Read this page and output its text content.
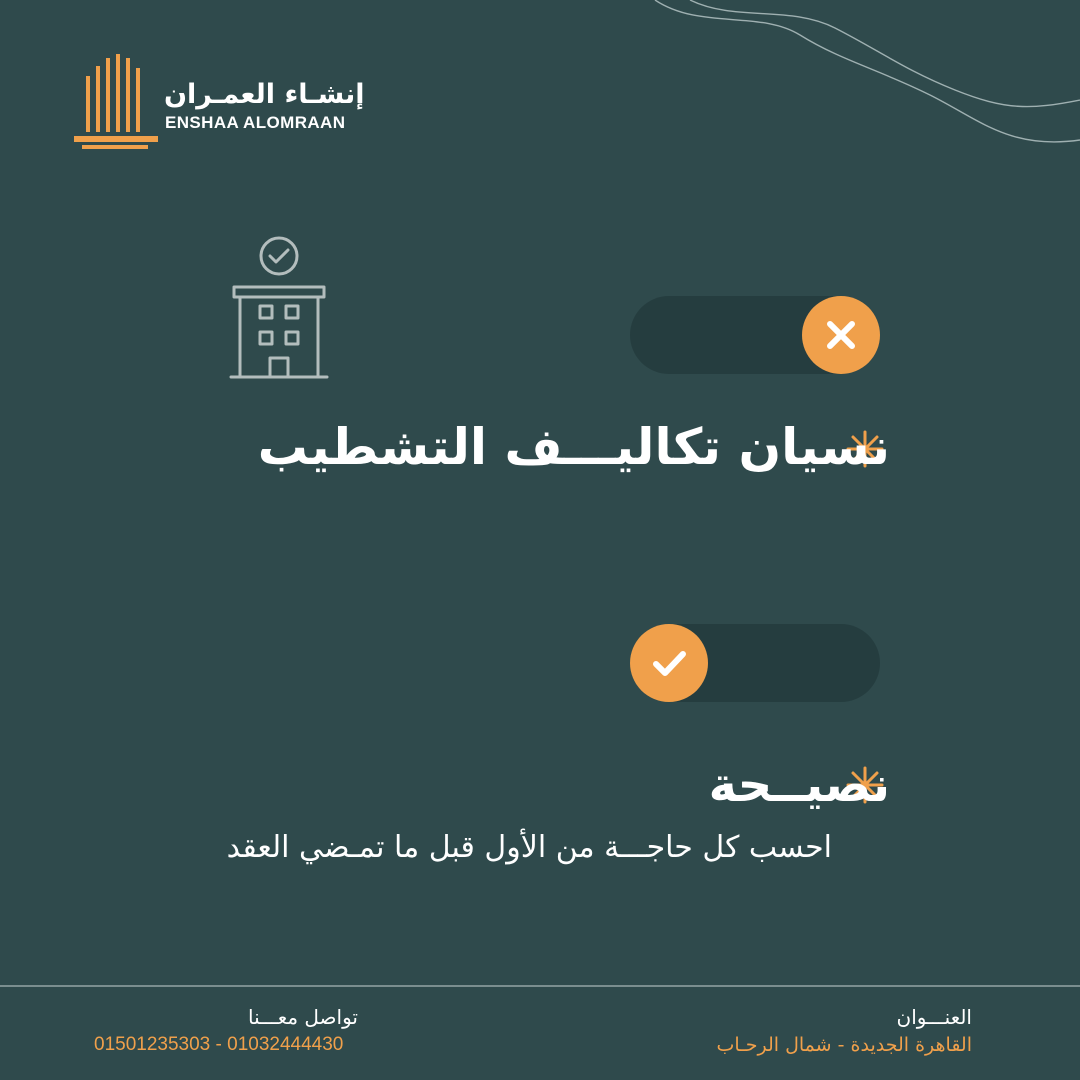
إنشـاء العمـران
ENSHAA ALOMRAAN
نسيان تكاليـــف التشطيب
نصيــحة
احسب كل حاجـــة من الأول قبل ما تمـضي العقد
العنـــوان
القاهرة الجديدة - شمال الرحـاب
تواصل معـــنا
01501235303 - 01032444430
